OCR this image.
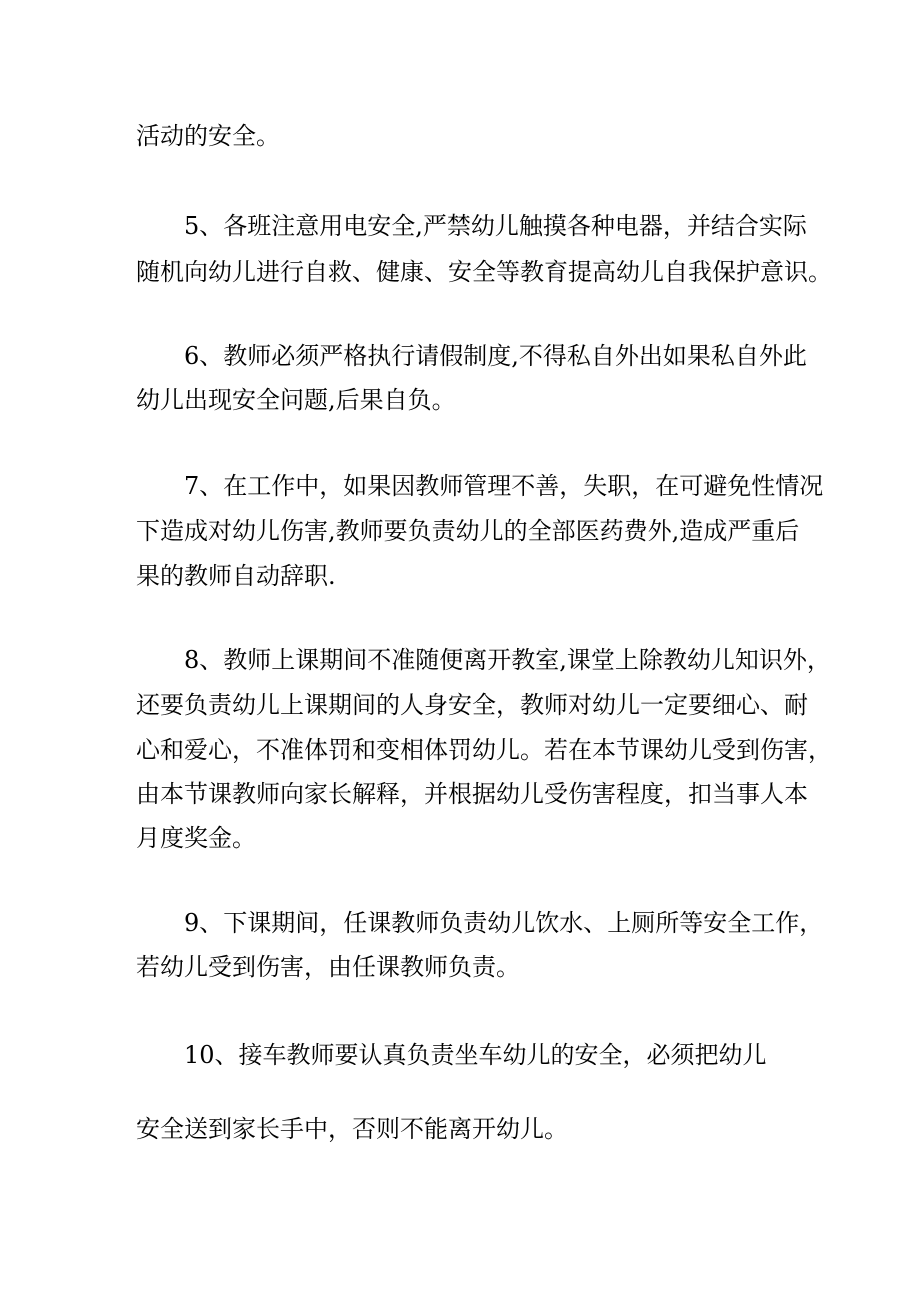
活动的安全。
5、各班注意用电安全,严禁幼儿触摸各种电器，并结合实际
随机向幼儿进行自救、健康、安全等教育提高幼儿自我保护意识。
6、教师必须严格执行请假制度,不得私自外出如果私自外此
幼儿出现安全问题,后果自负。
7、在工作中，如果因教师管理不善，失职，在可避免性情况
下造成对幼儿伤害,教师要负责幼儿的全部医药费外,造成严重后
果的教师自动辞职.
8、教师上课期间不准随便离开教室,课堂上除教幼儿知识外，
还要负责幼儿上课期间的人身安全，教师对幼儿一定要细心、耐
心和爱心，不准体罚和变相体罚幼儿。若在本节课幼儿受到伤害，
由本节课教师向家长解释，并根据幼儿受伤害程度，扣当事人本
月度奖金。
9、下课期间，任课教师负责幼儿饮水、上厕所等安全工作，
若幼儿受到伤害，由任课教师负责。
10、接车教师要认真负责坐车幼儿的安全，必须把幼儿
安全送到家长手中，否则不能离开幼儿。
